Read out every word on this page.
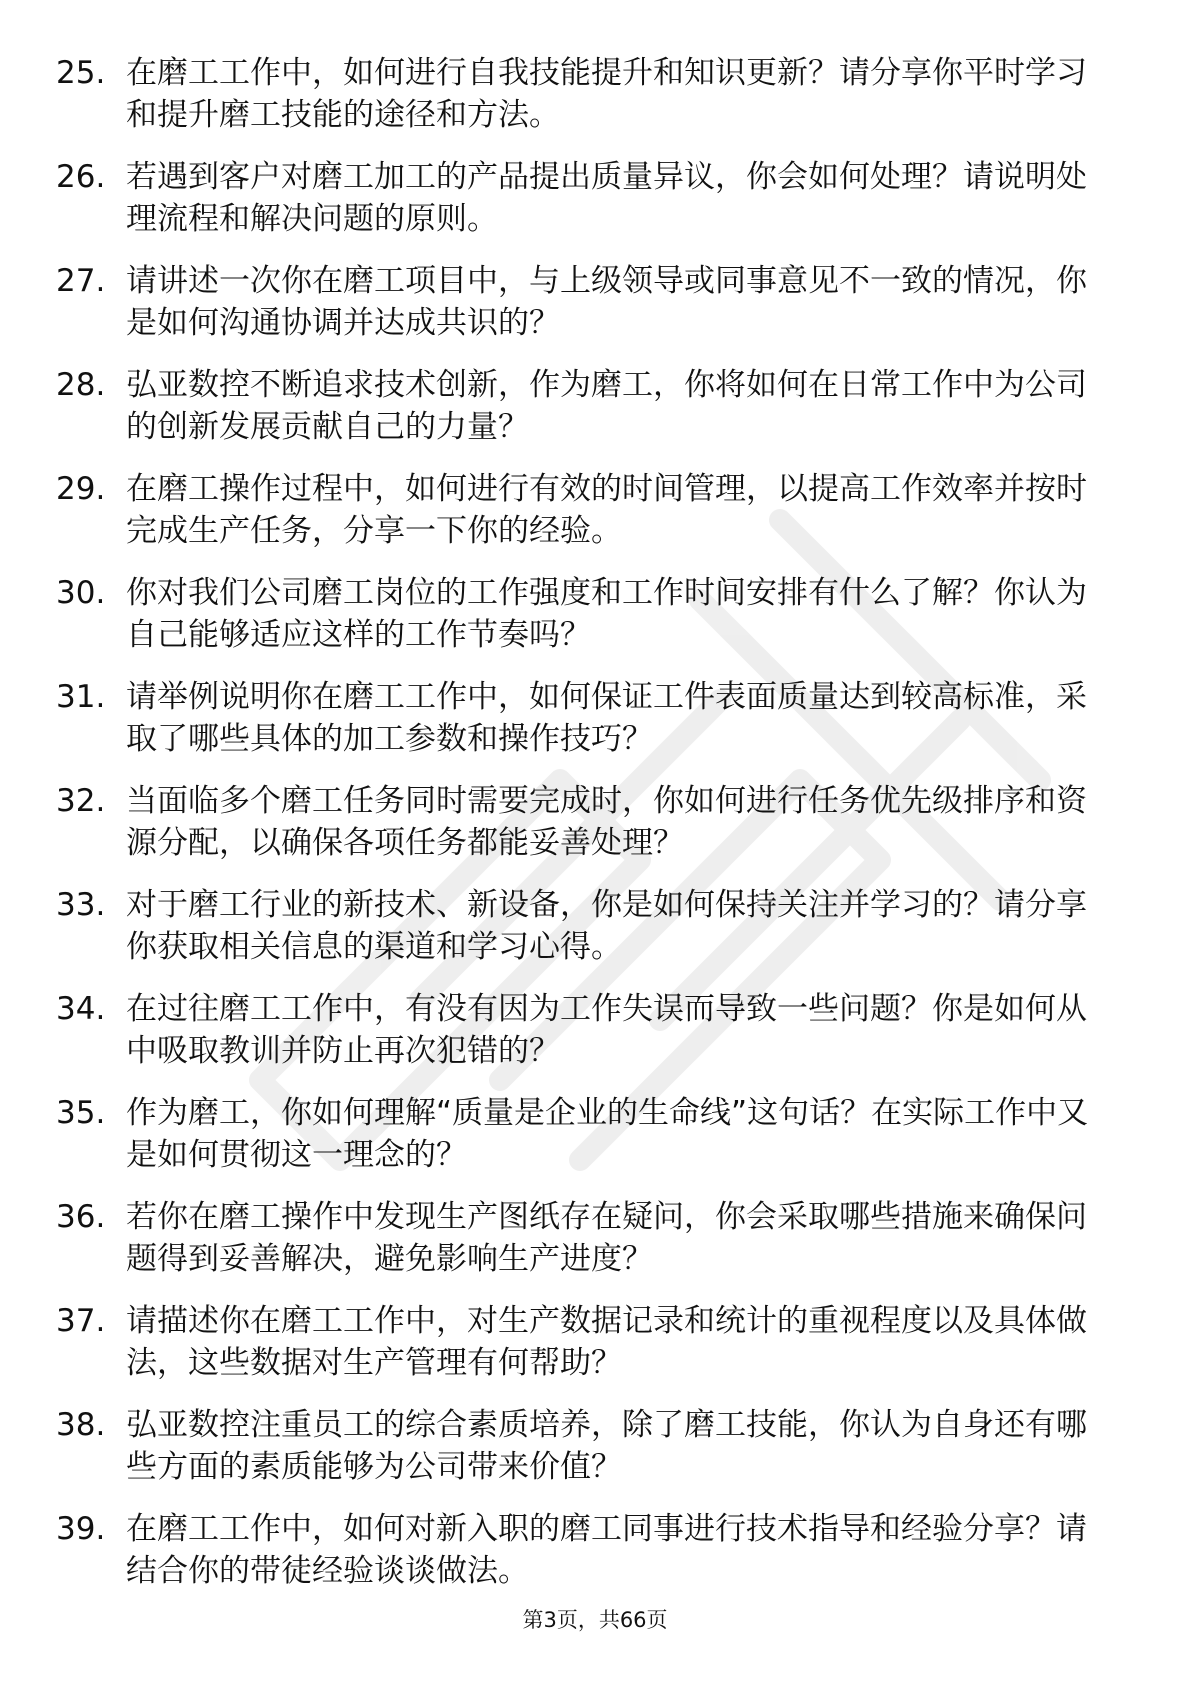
25. 在磨工工作中，如何进行自我技能提升和知识更新？请分享你平时学习和提升磨工技能的途径和方法。
26. 若遇到客户对磨工加工的产品提出质量异议，你会如何处理？请说明处理流程和解决问题的原则。
27. 请讲述一次你在磨工项目中，与上级领导或同事意见不一致的情况，你是如何沟通协调并达成共识的？
28. 弘亚数控不断追求技术创新，作为磨工，你将如何在日常工作中为公司的创新发展贡献自己的力量？
29. 在磨工操作过程中，如何进行有效的时间管理，以提高工作效率并按时完成生产任务，分享一下你的经验。
30. 你对我们公司磨工岗位的工作强度和工作时间安排有什么了解？你认为自己能够适应这样的工作节奏吗？
31. 请举例说明你在磨工工作中，如何保证工件表面质量达到较高标准，采取了哪些具体的加工参数和操作技巧？
32. 当面临多个磨工任务同时需要完成时，你如何进行任务优先级排序和资源分配，以确保各项任务都能妥善处理？
33. 对于磨工行业的新技术、新设备，你是如何保持关注并学习的？请分享你获取相关信息的渠道和学习心得。
34. 在过往磨工工作中，有没有因为工作失误而导致一些问题？你是如何从中吸取教训并防止再次犯错的？
35. 作为磨工，你如何理解“质量是企业的生命线”这句话？在实际工作中又是如何贯彻这一理念的？
36. 若你在磨工操作中发现生产图纸存在疑问，你会采取哪些措施来确保问题得到妥善解决，避免影响生产进度？
37. 请描述你在磨工工作中，对生产数据记录和统计的重视程度以及具体做法，这些数据对生产管理有何帮助？
38. 弘亚数控注重员工的综合素质培养，除了磨工技能，你认为自身还有哪些方面的素质能够为公司带来价值？
39. 在磨工工作中，如何对新入职的磨工同事进行技术指导和经验分享？请结合你的带徒经验谈谈做法。
第3页，共66页
